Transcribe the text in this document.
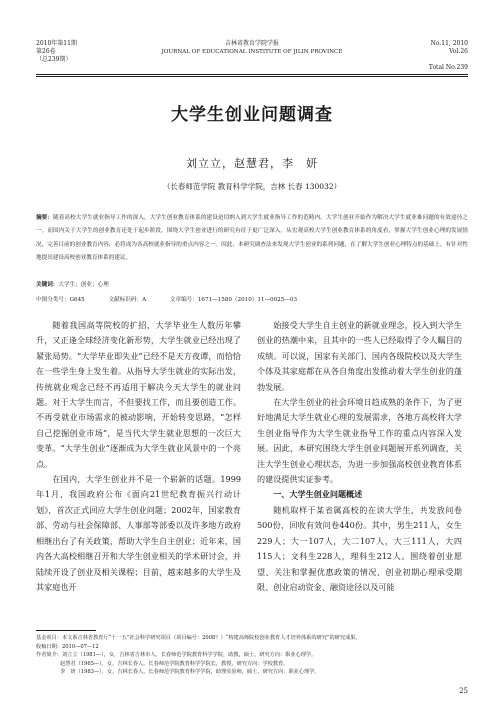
2010年第11期
第26卷
（总239期）
吉林省教育学院学报
JOURNAL OF EDUCATIONAL INSTITUTE OF JILIN PROVINCE
No.11, 2010
Vol.26
Total No.239
大学生创业问题调查
刘立立，赵慧君，李　妍
（长春师范学院 教育科学学院，吉林 长春 130032）
摘要：随着高校大学生就业指导工作的深入，大学生创业教育体系的建设迫切纳入到大学生就业指导工作的范畴内。大学生创业开始作为解决大学生就业难问题的有效途径之一。而国内关于大学生的创业教育还处于起步阶段，围绕大学生创业进行的研究有待于更广泛深入。从宏观高校大学生创业教育体系的角度看，掌握大学生创业心理的发展情况，完善目前的创业教育内容，必将成为各高校就业指导的重点内容之一。因此，本研究调查法来发现大学生创业的系列问题，在了解大学生创业心理特点的基础上，有针对性地提出建设高校创业教育体系的建议。
关键词：大学生；创业；心理
中图分类号：G645	文献标识码：A	文章编号：1671—1580（2010）11—0025—03

随着我国高等院校的扩招，大学毕业生人数历年攀升，又正逢全球经济变化新形势，大学生就业已经出现了紧张局势。“大学毕业即失业”已经不是天方夜谭，而恰恰在一些学生身上发生着。从指导大学生就业的实际出发，传统就业观念已经不再适用于解决今天大学生的就业问题。对于大学生而言，不但要找工作，而且要创造工作。不再受就业市场需求的被动影响，开始转变思路，“怎样自己挖掘创业市场”，是当代大学生就业思想的一次巨大变革。“大学生创业”逐渐成为大学生就业风景中的一个亮点。

在国内，大学生创业并不是一个崭新的话题。1999年1月，我国政府公布《面向21世纪教育振兴行动计划》，首次正式回应大学生创业问题；2002年，国家教育部、劳动与社会保障部、人事部等部委以及许多地方政府相继出台了有关政策，帮助大学生自主创业；近年来，国内各大高校相继召开和大学生创业相关的学术研讨会，并陆续开设了创业及相关课程；目前，越来越多的大学生及其家庭也开

始接受大学生自主创业的新就业理念，投入到大学生创业的热潮中来，且其中的一些人已经取得了令人瞩目的成绩。可以说，国家有关部门、国内各级院校以及大学生个体及其家庭都在从各自角度出发推动着大学生创业的蓬勃发展。

在大学生创业的社会环境日趋成熟的条件下，为了更好地满足大学生就业心理的发展需求，各地方高校将大学生创业指导作为大学生就业指导工作的重点内容深入发展。因此，本研究围绕大学生创业问题展开系列调查，关注大学生创业心理状态，为进一步加强高校创业教育体系的建设提供实证参考。

一、大学生创业问题概述

随机取样于某省属高校的在读大学生，共发放问卷500份，回收有效问卷440份。其中，男生211人，女生229人；大一107人，大二107人，大三111人，大四115人；文科生228人，理科生212人。围绕着创业愿望、关注和掌握优惠政策的情况、创业初期心理承受期限、创业启动资金、融资途径以及可能

基金项目：本文系吉林省教育厅“十一五”社会科学研究项目（项目编号：2008？）“构建高师院校创业教育人才培养体系的研究”的研究成果。
收稿日期：2010—07—12
作者简介：刘立立（1981—），女，吉林省吉林市人。长春师范学院教育科学学院，助教，硕士，研究方向：职业心理学。
赵慧君（1965—），女，吉林长春人。长春师范学院教育科学学院长，教授，研究方向：学校教育。
李　妍（1983—），女，吉林长春人。长春师范学院教育科学学院，助理实验师，硕士，研究方向：职业心理学。
25
